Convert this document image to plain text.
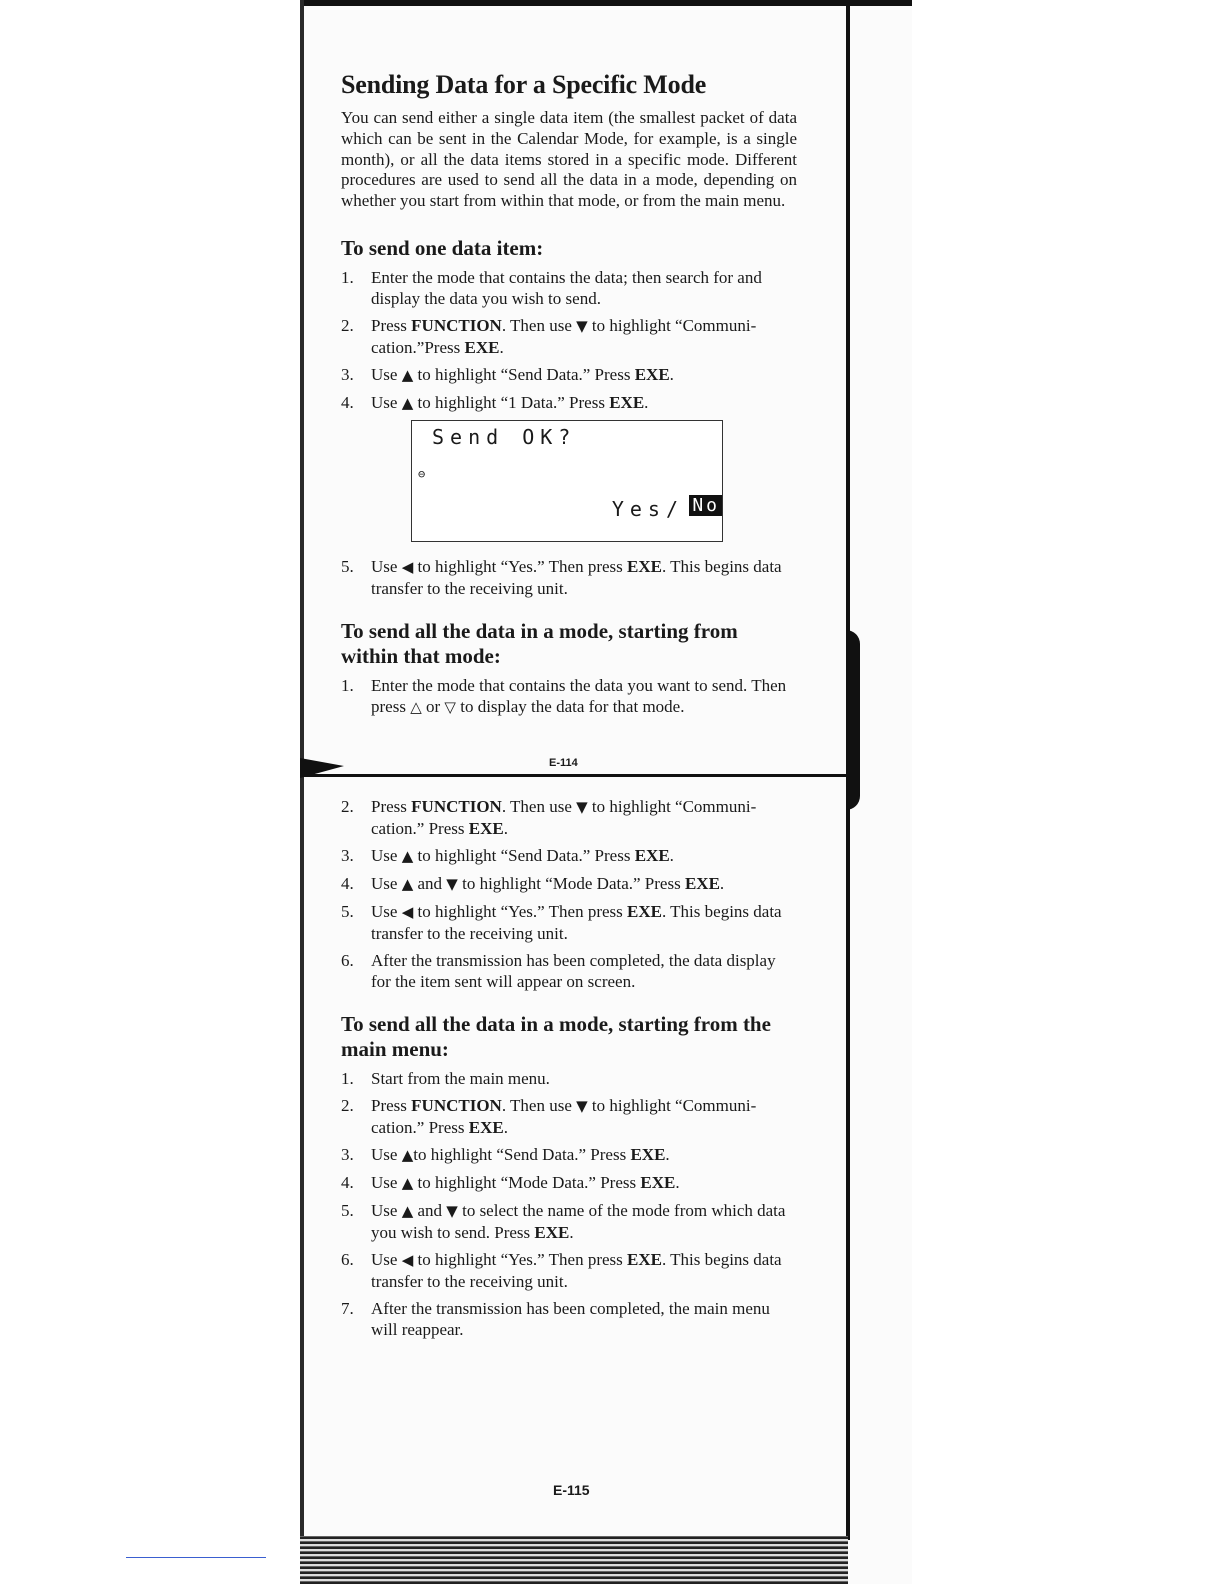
Sending Data for a Specific Mode

You can send either a single data item (the smallest packet of data which can be sent in the Calendar Mode, for example, is a single month), or all the data items stored in a specific mode. Different procedures are used to send all the data in a mode, depending on whether you start from within that mode, or from the main menu.

To send one data item:
1. Enter the mode that contains the data; then search for and display the data you wish to send.
2. Press FUNCTION. Then use ▼ to highlight “Communi-cation.”Press EXE.
3. Use ▲ to highlight “Send Data.” Press EXE.
4. Use ▲ to highlight “1 Data.” Press EXE.
Send OK?
⊖
Yes/ No
5. Use ◀ to highlight “Yes.” Then press EXE. This begins data transfer to the receiving unit.
To send all the data in a mode, starting from within that mode:
1. Enter the mode that contains the data you want to send. Then press △ or ▽ to display the data for that mode.
E-114
2. Press FUNCTION. Then use ▼ to highlight “Communi-cation.” Press EXE.
3. Use ▲ to highlight “Send Data.” Press EXE.
4. Use ▲ and ▼ to highlight “Mode Data.” Press EXE.
5. Use ◀ to highlight “Yes.” Then press EXE. This begins data transfer to the receiving unit.
6. After the transmission has been completed, the data display for the item sent will appear on screen.
To send all the data in a mode, starting from the main menu:
1. Start from the main menu.
2. Press FUNCTION. Then use ▼ to highlight “Communi-cation.” Press EXE.
3. Use ▲to highlight “Send Data.” Press EXE.
4. Use ▲ to highlight “Mode Data.” Press EXE.
5. Use ▲ and ▼ to select the name of the mode from which data you wish to send. Press EXE.
6. Use ◀ to highlight “Yes.” Then press EXE. This begins data transfer to the receiving unit.
7. After the transmission has been completed, the main menu will reappear.
E-115
